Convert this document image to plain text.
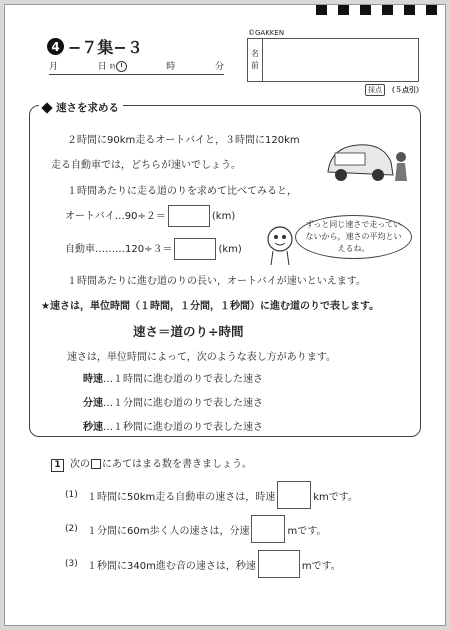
4 −７集−３
月	日 時	時	分
©GAKKEN
名
前
採点 （５点引）
速さを求める
２時間に90km走るオートバイと，３時間に120km
走る自動車では，どちらが速いでしょう。
１時間あたりに走る道のりを求めて比べてみると，
オートバイ…90÷２＝	(km)
自動車………120÷３＝	(km)
ずっと同じ速さで走っていないから，速さの平均といえるね。
１時間あたりに進む道のりの長い，オートバイが速いといえます。
★速さは，単位時間（１時間，１分間，１秒間）に進む道のりで表します。
速さ＝道のり÷時間
速さは，単位時間によって，次のような表し方があります。
時速…１時間に進む道のりで表した速さ
分速…１分間に進む道のりで表した速さ
秒速…１秒間に進む道のりで表した速さ
1 次の にあてはまる数を書きましょう。
(1) １時間に50km走る自動車の速さは，時速	kmです。
(2) １分間に60m歩く人の速さは，分速	mです。
(3) １秒間に340m進む音の速さは，秒速	mです。
